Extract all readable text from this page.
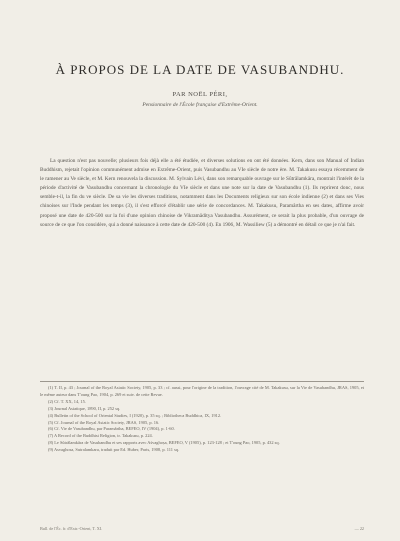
À PROPOS DE LA DATE DE VASUBANDHU.
PAR NOËL PÉRI,
Pensionnaire de l'École française d'Extrême-Orient.

La question n'est pas nouvelle; plusieurs fois déjà elle a été étudiée, et diverses solutions en ont été données. Kern, dans son Manual of Indian Buddhism, rejetait l'opinion communément admise en Extrême-Orient, puis Vasubandhu au VIe siècle de notre ère. M. Takakusu essaya récemment de le ramener au Ve siècle, et M. Kern renouvela la discussion. M. Sylvain Lévi, dans son remarquable ouvrage sur le Sûtrâlamkâra, montrait l'intérêt de la période d'activité de Vasubandhu concernant la chronologie du VIe siècle et dans une note sur la date de Vasubandhu (1). Ils reprirent donc, nous semble-t-il, la fin du ve siècle. De sa vie les diverses traditions, notamment dans les Documents religieux sur son école indienne (2) et dans ses Vies chinoises sur l'Inde pendant les temps (3), il s'est efforcé d'établir une série de concordances. M. Takakusu, Paramârtha en ses dates, affirme avoir proposé une date de 420-500 sur la foi d'une opinion chinoise de Vikramâditya Vasubandhu. Assurément, ce serait la plus probable, d'un ouvrage de source de ce que l'on considère, qui a donné naissance à cette date de 420-500 (4). En 1906, M. Wassiliew (5) a démontré en détail ce que je n'ai fait.

(1) T. II, p. 43 ; Journal of the Royal Asiatic Society, 1905, p. 33 ; cf. aussi, pour l'origine de la tradition, l'ouvrage cité de M. Takakusu, sur la Vie de Vasubandhu, JRAS, 1905, et le même auteur dans T'oung Pao, 1904, p. 269 et suiv. de cette Revue.

(2) Cf. T. XX, 14, 15.

(3) Journal Asiatique, 1890, II, p. 252 sq.

(4) Bulletin of the School of Oriental Studies, I (1920), p. 35 sq. ; Bibliotheca Buddhica, IX, 1912.

(5) Cf. Journal of the Royal Asiatic Society, JRAS, 1905, p. 16.

(6) Cf. Vie de Vasubandhu, par Paramârtha, BEFEO, IV (1904), p. 1-60.

(7) A Record of the Buddhist Religion, tr. Takakusu, p. 224.

(8) Le Sûtrâlamkâra de Vasubandhu et ses rapports avec Aśvaghoṣa, BEFEO, V (1905), p. 123-128 ; et T'oung Pao, 1905, p. 432 sq.

(9) Asvaghosa, Sutralamkara, traduit par Ed. Huber, Paris, 1908, p. 111 sq.

Bull. de l'Éc. fr. d'Extr.-Orient, T. XI.	— 22
